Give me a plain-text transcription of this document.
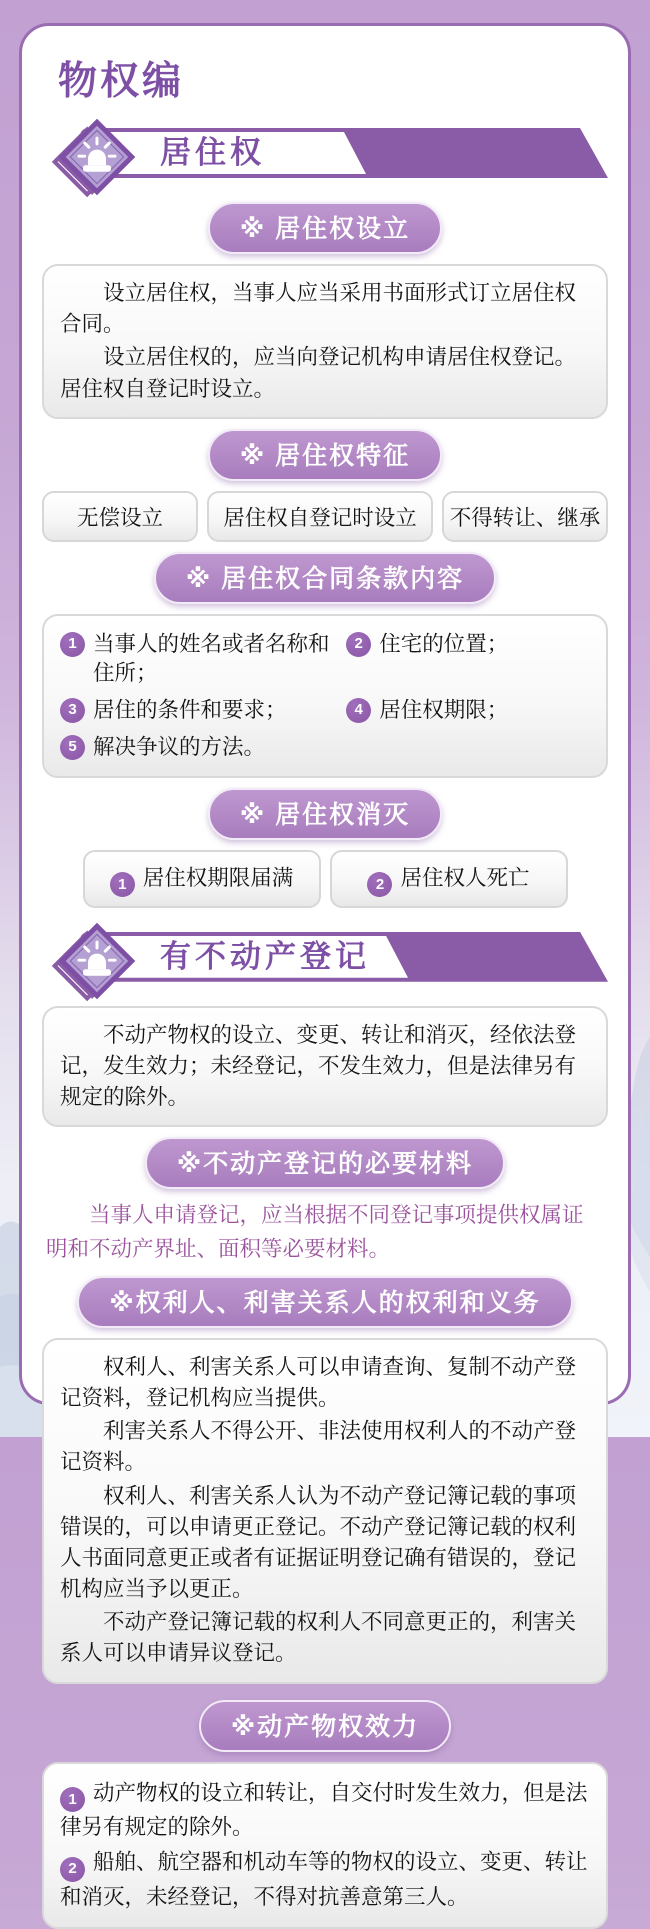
物权编
居住权
※ 居住权设立

设立居住权，当事人应当采用书面形式订立居住权合同。

设立居住权的，应当向登记机构申请居住权登记。居住权自登记时设立。

※ 居住权特征
无偿设立	居住权自登记时设立	不得转让、继承
※ 居住权合同条款内容
1 当事人的姓名或者名称和住所；
2 住宅的位置；
3 居住的条件和要求；	4 居住权期限；
5 解决争议的方法。
※ 居住权消灭
1 居住权期限届满	2 居住权人死亡
有不动产登记

不动产物权的设立、变更、转让和消灭，经依法登记，发生效力；未经登记，不发生效力，但是法律另有规定的除外。

※不动产登记的必要材料

当事人申请登记，应当根据不同登记事项提供权属证明和不动产界址、面积等必要材料。

※权利人、利害关系人的权利和义务

权利人、利害关系人可以申请查询、复制不动产登记资料，登记机构应当提供。

利害关系人不得公开、非法使用权利人的不动产登记资料。

权利人、利害关系人认为不动产登记簿记载的事项错误的，可以申请更正登记。不动产登记簿记载的权利人书面同意更正或者有证据证明登记确有错误的，登记机构应当予以更正。

不动产登记簿记载的权利人不同意更正的，利害关系人可以申请异议登记。

※动产物权效力

1 动产物权的设立和转让，自交付时发生效力，但是法律另有规定的除外。

2 船舶、航空器和机动车等的物权的设立、变更、转让和消灭，未经登记，不得对抗善意第三人。
